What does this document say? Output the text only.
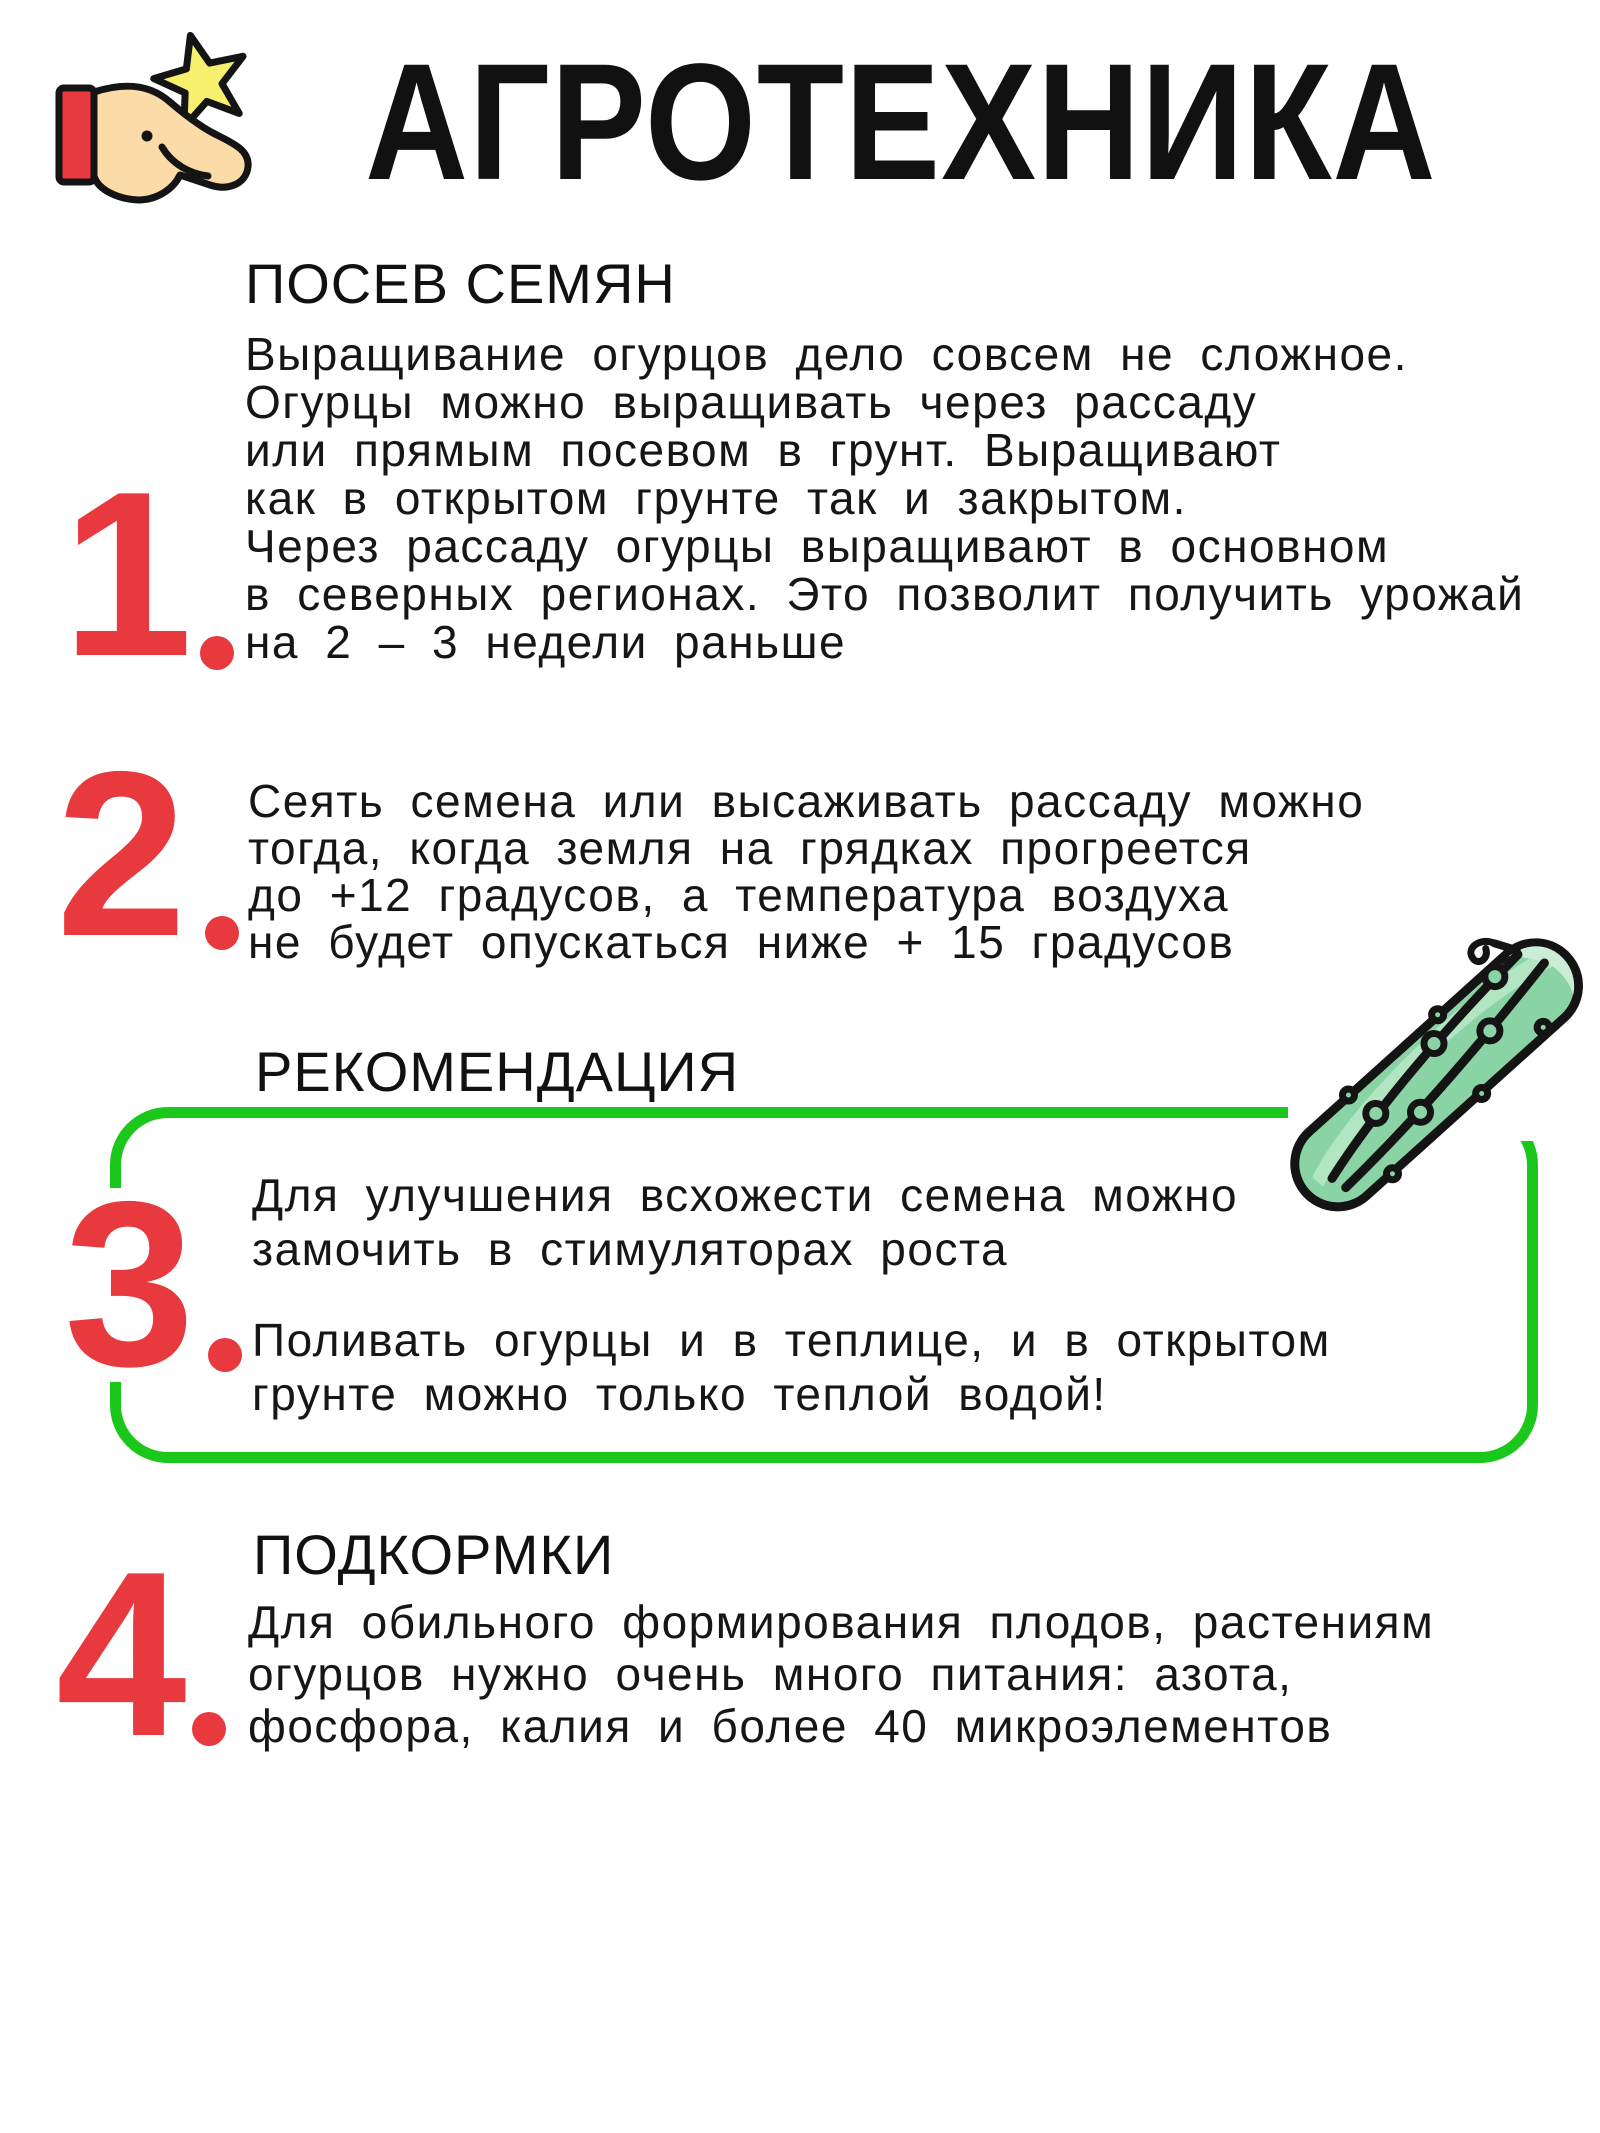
АГРОТЕХНИКА
ПОСЕВ СЕМЯН
Выращивание огурцов дело совсем не сложное.
Огурцы можно выращивать через рассаду
или прямым посевом в грунт. Выращивают
как в открытом грунте так и закрытом.
Через рассаду огурцы выращивают в основном
в северных регионах. Это позволит получить урожай
на 2 – 3 недели раньше
1
Сеять семена или высаживать рассаду можно
тогда, когда земля на грядках прогреется
до +12 градусов, а температура воздуха
не будет опускаться ниже + 15 градусов
2
РЕКОМЕНДАЦИЯ
Для улучшения всхожести семена можно
замочить в стимуляторах роста
Поливать огурцы и в теплице, и в открытом
грунте можно только теплой водой!
3
ПОДКОРМКИ
Для обильного формирования плодов, растениям
огурцов нужно очень много питания: азота,
фосфора, калия и более 40 микроэлементов
4
